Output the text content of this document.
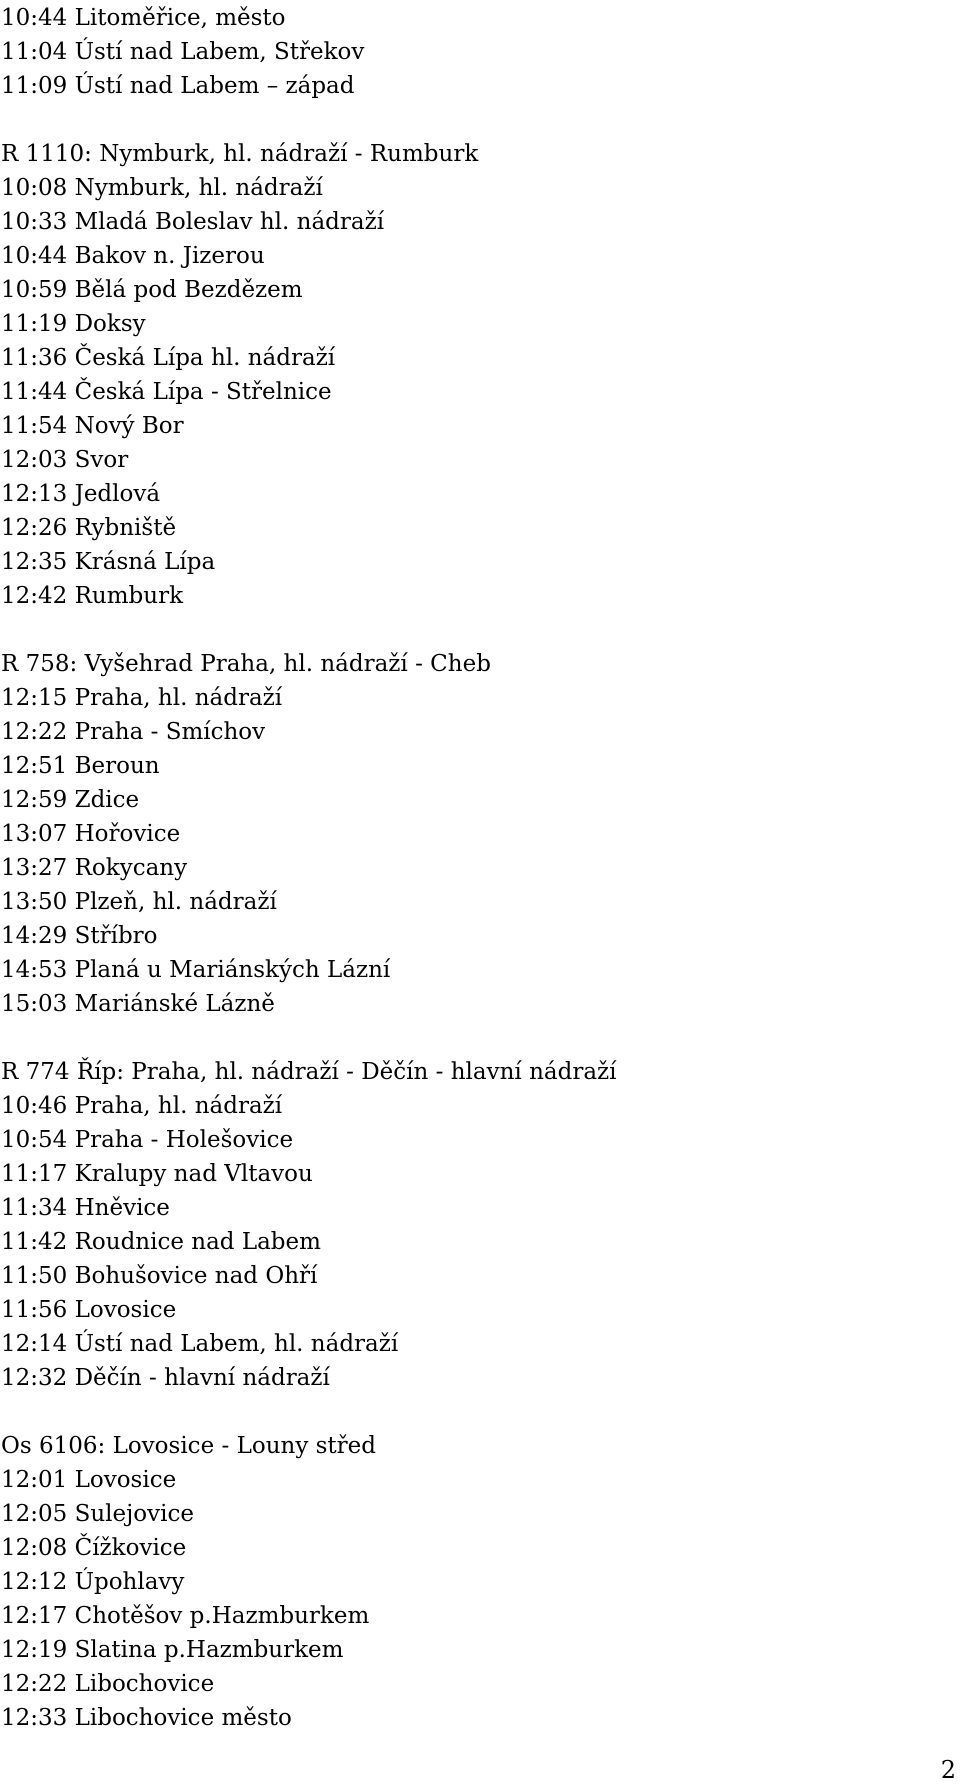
10:44 Litoměřice, město
11:04 Ústí nad Labem, Střekov
11:09 Ústí nad Labem – západ
R 1110: Nymburk, hl. nádraží - Rumburk
10:08 Nymburk, hl. nádraží
10:33 Mladá Boleslav hl. nádraží
10:44 Bakov n. Jizerou
10:59 Bělá pod Bezdězem
11:19 Doksy
11:36 Česká Lípa hl. nádraží
11:44 Česká Lípa - Střelnice
11:54 Nový Bor
12:03 Svor
12:13 Jedlová
12:26 Rybniště
12:35 Krásná Lípa
12:42 Rumburk
R 758: Vyšehrad Praha, hl. nádraží - Cheb
12:15 Praha, hl. nádraží
12:22 Praha - Smíchov
12:51 Beroun
12:59 Zdice
13:07 Hořovice
13:27 Rokycany
13:50 Plzeň, hl. nádraží
14:29 Stříbro
14:53 Planá u Mariánských Lázní
15:03 Mariánské Lázně
R 774 Říp: Praha, hl. nádraží - Děčín - hlavní nádraží
10:46 Praha, hl. nádraží
10:54 Praha - Holešovice
11:17 Kralupy nad Vltavou
11:34 Hněvice
11:42 Roudnice nad Labem
11:50 Bohušovice nad Ohří
11:56 Lovosice
12:14 Ústí nad Labem, hl. nádraží
12:32 Děčín - hlavní nádraží
Os 6106: Lovosice - Louny střed
12:01 Lovosice
12:05 Sulejovice
12:08 Čížkovice
12:12 Úpohlavy
12:17 Chotěšov p.Hazmburkem
12:19 Slatina p.Hazmburkem
12:22 Libochovice
12:33 Libochovice město
2
